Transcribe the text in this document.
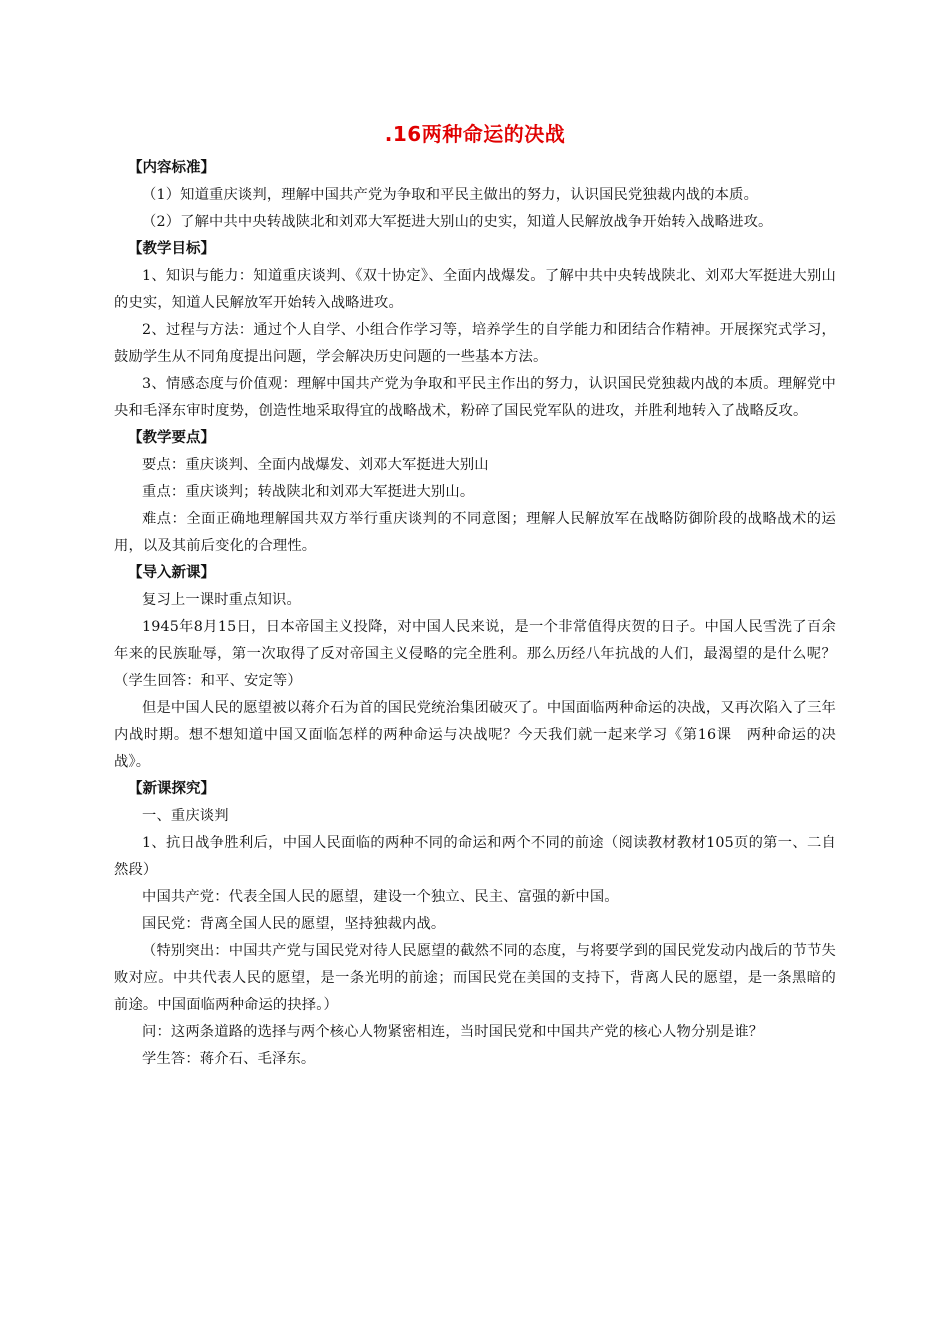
.16两种命运的决战
【内容标准】

（1）知道重庆谈判，理解中国共产党为争取和平民主做出的努力，认识国民党独裁内战的本质。

（2）了解中共中央转战陕北和刘邓大军挺进大别山的史实，知道人民解放战争开始转入战略进攻。

【教学目标】

1、知识与能力：知道重庆谈判、《双十协定》、全面内战爆发。了解中共中央转战陕北、刘邓大军挺进大别山的史实，知道人民解放军开始转入战略进攻。

2、过程与方法：通过个人自学、小组合作学习等，培养学生的自学能力和团结合作精神。开展探究式学习，鼓励学生从不同角度提出问题，学会解决历史问题的一些基本方法。

3、情感态度与价值观：理解中国共产党为争取和平民主作出的努力，认识国民党独裁内战的本质。理解党中央和毛泽东审时度势，创造性地采取得宜的战略战术，粉碎了国民党军队的进攻，并胜利地转入了战略反攻。

【教学要点】

要点：重庆谈判、全面内战爆发、刘邓大军挺进大别山

重点：重庆谈判；转战陕北和刘邓大军挺进大别山。

难点：全面正确地理解国共双方举行重庆谈判的不同意图；理解人民解放军在战略防御阶段的战略战术的运用，以及其前后变化的合理性。

【导入新课】

复习上一课时重点知识。

1945年8月15日，日本帝国主义投降，对中国人民来说，是一个非常值得庆贺的日子。中国人民雪洗了百余年来的民族耻辱，第一次取得了反对帝国主义侵略的完全胜利。那么历经八年抗战的人们，最渴望的是什么呢？（学生回答：和平、安定等）

但是中国人民的愿望被以蒋介石为首的国民党统治集团破灭了。中国面临两种命运的决战，又再次陷入了三年内战时期。想不想知道中国又面临怎样的两种命运与决战呢？今天我们就一起来学习《第16课　两种命运的决战》。

【新课探究】

一、重庆谈判

1、抗日战争胜利后，中国人民面临的两种不同的命运和两个不同的前途（阅读教材教材105页的第一、二自然段）

中国共产党：代表全国人民的愿望，建设一个独立、民主、富强的新中国。

国民党：背离全国人民的愿望，坚持独裁内战。

（特别突出：中国共产党与国民党对待人民愿望的截然不同的态度，与将要学到的国民党发动内战后的节节失败对应。中共代表人民的愿望，是一条光明的前途；而国民党在美国的支持下，背离人民的愿望，是一条黑暗的前途。中国面临两种命运的抉择。）

问：这两条道路的选择与两个核心人物紧密相连，当时国民党和中国共产党的核心人物分别是谁？

学生答：蒋介石、毛泽东。
